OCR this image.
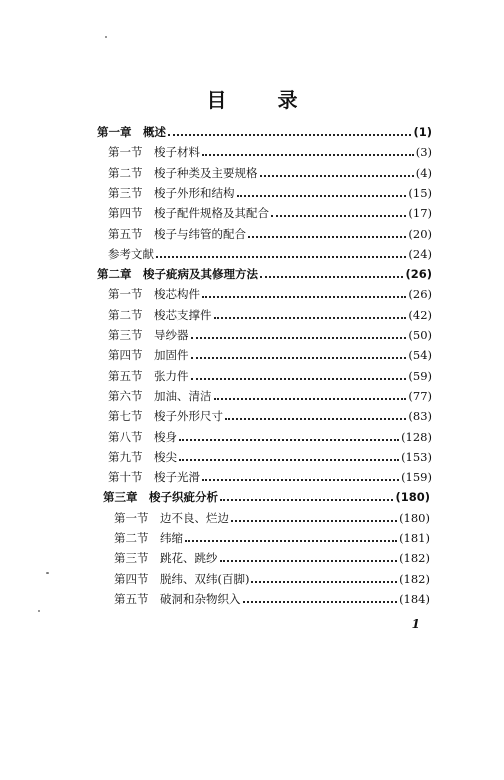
目 录
第一章	概述	(1)
第一节	梭子材料	(3)
第二节	梭子种类及主要规格	(4)
第三节	梭子外形和结构	(15)
第四节	梭子配件规格及其配合	(17)
第五节	梭子与纬管的配合	(20)
参考文献	(24)
第二章	梭子疵病及其修理方法	(26)
第一节	梭芯构件	(26)
第二节	梭芯支撑件	(42)
第三节	导纱器	(50)
第四节	加固件	(54)
第五节	张力件	(59)
第六节	加油、清洁	(77)
第七节	梭子外形尺寸	(83)
第八节	梭身	(128)
第九节	梭尖	(153)
第十节	梭子光滑	(159)
第三章	梭子织疵分析	(180)
第一节	边不良、烂边	(180)
第二节	纬缩	(181)
第三节	跳花、跳纱	(182)
第四节	脱纬、双纬(百脚)	(182)
第五节	破洞和杂物织入	(184)
1
